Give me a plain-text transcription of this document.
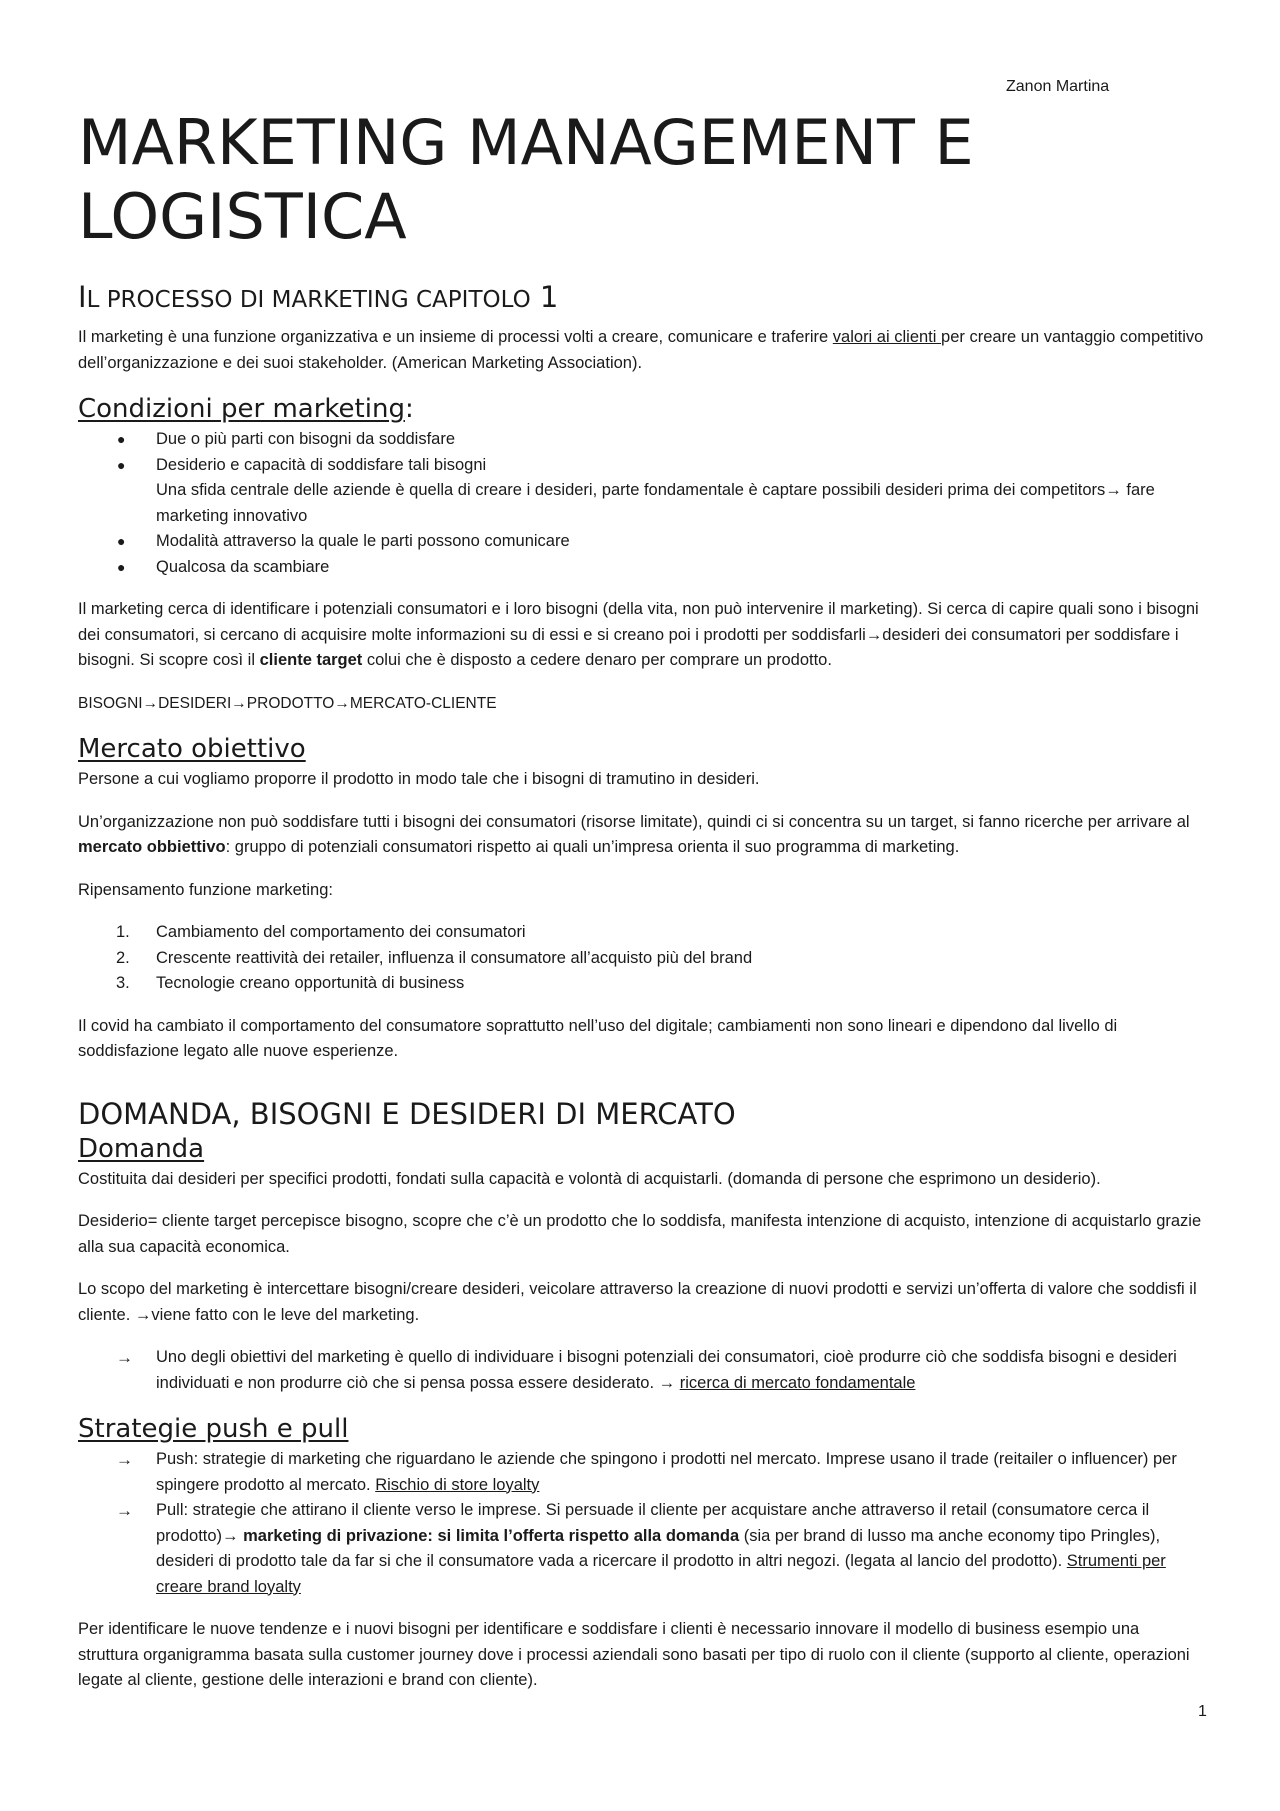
Zanon Martina
MARKETING MANAGEMENT E LOGISTICA
IL PROCESSO DI MARKETING CAPITOLO 1

Il marketing è una funzione organizzativa e un insieme di processi volti a creare, comunicare e traferire valori ai clienti per creare un vantaggio competitivo dell’organizzazione e dei suoi stakeholder. (American Marketing Association).

Condizioni per marketing:
●	Due o più parti con bisogni da soddisfare
●	Desiderio e capacità di soddisfare tali bisogni
Una sfida centrale delle aziende è quella di creare i desideri, parte fondamentale è captare possibili desideri prima dei competitors→ fare marketing innovativo
●	Modalità attraverso la quale le parti possono comunicare
●	Qualcosa da scambiare

Il marketing cerca di identificare i potenziali consumatori e i loro bisogni (della vita, non può intervenire il marketing). Si cerca di capire quali sono i bisogni dei consumatori, si cercano di acquisire molte informazioni su di essi e si creano poi i prodotti per soddisfarli→desideri dei consumatori per soddisfare i bisogni. Si scopre così il cliente target colui che è disposto a cedere denaro per comprare un prodotto.

BISOGNI→DESIDERI→PRODOTTO→MERCATO-CLIENTE

Mercato obiettivo

Persone a cui vogliamo proporre il prodotto in modo tale che i bisogni di tramutino in desideri.

Un’organizzazione non può soddisfare tutti i bisogni dei consumatori (risorse limitate), quindi ci si concentra su un target, si fanno ricerche per arrivare al mercato obbiettivo: gruppo di potenziali consumatori rispetto ai quali un’impresa orienta il suo programma di marketing.

Ripensamento funzione marketing:

1.	Cambiamento del comportamento dei consumatori
2.	Crescente reattività dei retailer, influenza il consumatore all’acquisto più del brand
3.	Tecnologie creano opportunità di business

Il covid ha cambiato il comportamento del consumatore soprattutto nell’uso del digitale; cambiamenti non sono lineari e dipendono dal livello di soddisfazione legato alle nuove esperienze.

DOMANDA, BISOGNI E DESIDERI DI MERCATO
Domanda

Costituita dai desideri per specifici prodotti, fondati sulla capacità e volontà di acquistarli. (domanda di persone che esprimono un desiderio).

Desiderio= cliente target percepisce bisogno, scopre che c’è un prodotto che lo soddisfa, manifesta intenzione di acquisto, intenzione di acquistarlo grazie alla sua capacità economica.

Lo scopo del marketing è intercettare bisogni/creare desideri, veicolare attraverso la creazione di nuovi prodotti e servizi un’offerta di valore che soddisfi il cliente. →viene fatto con le leve del marketing.

→	Uno degli obiettivi del marketing è quello di individuare i bisogni potenziali dei consumatori, cioè produrre ciò che soddisfa bisogni e desideri individuati e non produrre ciò che si pensa possa essere desiderato. → ricerca di mercato fondamentale
Strategie push e pull
→	Push: strategie di marketing che riguardano le aziende che spingono i prodotti nel mercato. Imprese usano il trade (reitailer o influencer) per spingere prodotto al mercato. Rischio di store loyalty
→	Pull: strategie che attirano il cliente verso le imprese. Si persuade il cliente per acquistare anche attraverso il retail (consumatore cerca il prodotto)→ marketing di privazione: si limita l’offerta rispetto alla domanda (sia per brand di lusso ma anche economy tipo Pringles), desideri di prodotto tale da far si che il consumatore vada a ricercare il prodotto in altri negozi. (legata al lancio del prodotto). Strumenti per creare brand loyalty

Per identificare le nuove tendenze e i nuovi bisogni per identificare e soddisfare i clienti è necessario innovare il modello di business esempio una struttura organigramma basata sulla customer journey dove i processi aziendali sono basati per tipo di ruolo con il cliente (supporto al cliente, operazioni legate al cliente, gestione delle interazioni e brand con cliente).

1
